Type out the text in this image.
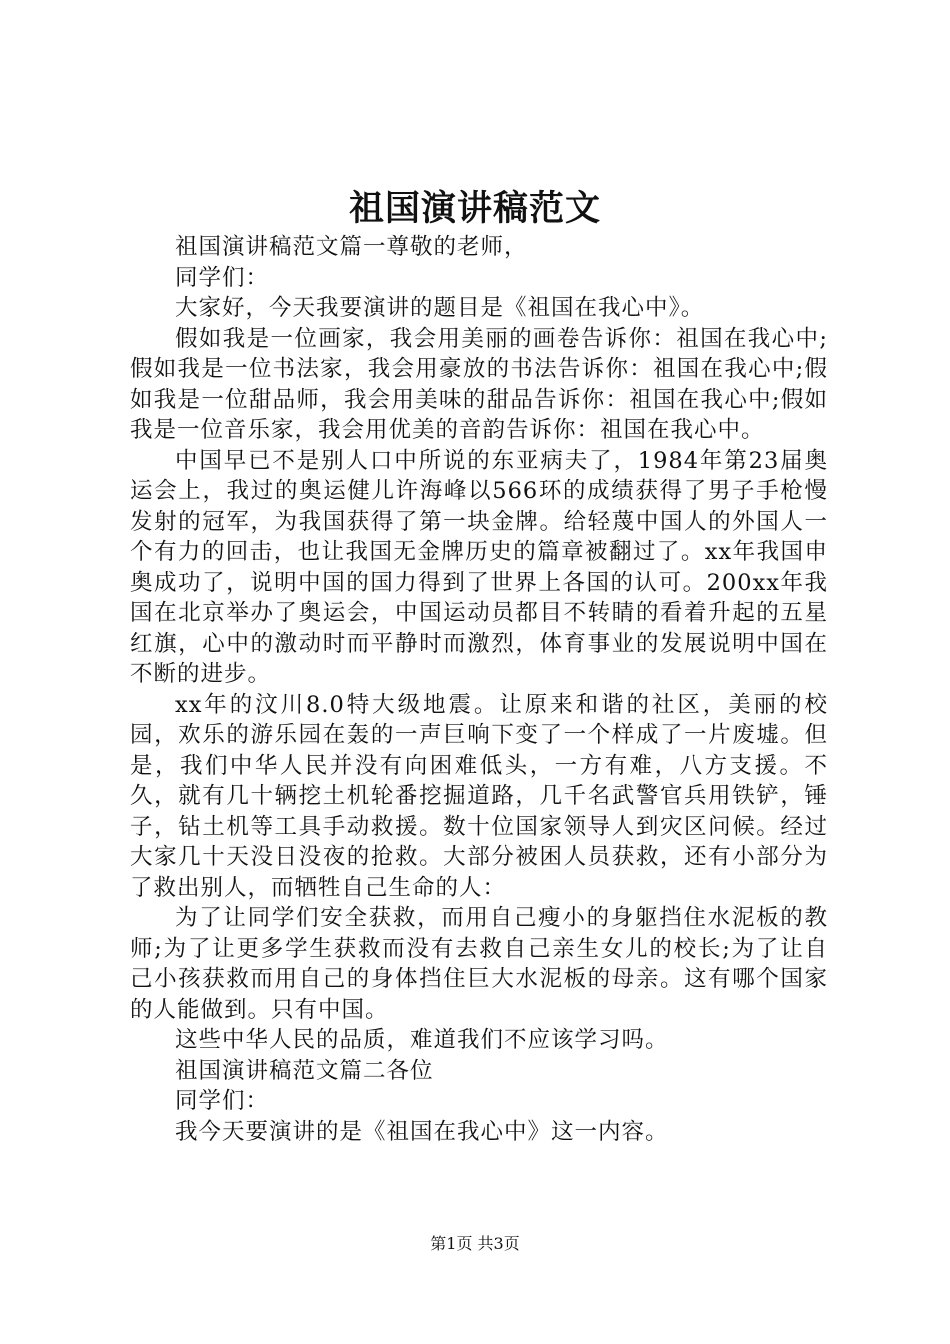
祖国演讲稿范文

祖国演讲稿范文篇一尊敬的老师，

同学们：

大家好，今天我要演讲的题目是《祖国在我心中》。

假如我是一位画家，我会用美丽的画卷告诉你：祖国在我心中;假如我是一位书法家，我会用豪放的书法告诉你：祖国在我心中;假如我是一位甜品师，我会用美味的甜品告诉你：祖国在我心中;假如我是一位音乐家，我会用优美的音韵告诉你：祖国在我心中。

中国早已不是别人口中所说的东亚病夫了，1984年第23届奥运会上，我过的奥运健儿许海峰以566环的成绩获得了男子手枪慢发射的冠军，为我国获得了第一块金牌。给轻蔑中国人的外国人一个有力的回击，也让我国无金牌历史的篇章被翻过了。xx年我国申奥成功了，说明中国的国力得到了世界上各国的认可。200xx年我国在北京举办了奥运会，中国运动员都目不转睛的看着升起的五星红旗，心中的激动时而平静时而激烈，体育事业的发展说明中国在不断的进步。

xx年的汶川8.0特大级地震。让原来和谐的社区，美丽的校园，欢乐的游乐园在轰的一声巨响下变了一个样成了一片废墟。但是，我们中华人民并没有向困难低头，一方有难，八方支援。不久，就有几十辆挖土机轮番挖掘道路，几千名武警官兵用铁铲，锤子，钻土机等工具手动救援。数十位国家领导人到灾区问候。经过大家几十天没日没夜的抢救。大部分被困人员获救，还有小部分为了救出别人，而牺牲自己生命的人：

为了让同学们安全获救，而用自己瘦小的身躯挡住水泥板的教师;为了让更多学生获救而没有去救自己亲生女儿的校长;为了让自己小孩获救而用自己的身体挡住巨大水泥板的母亲。这有哪个国家的人能做到。只有中国。

这些中华人民的品质，难道我们不应该学习吗。

祖国演讲稿范文篇二各位

同学们：

我今天要演讲的是《祖国在我心中》这一内容。

第1页 共3页
